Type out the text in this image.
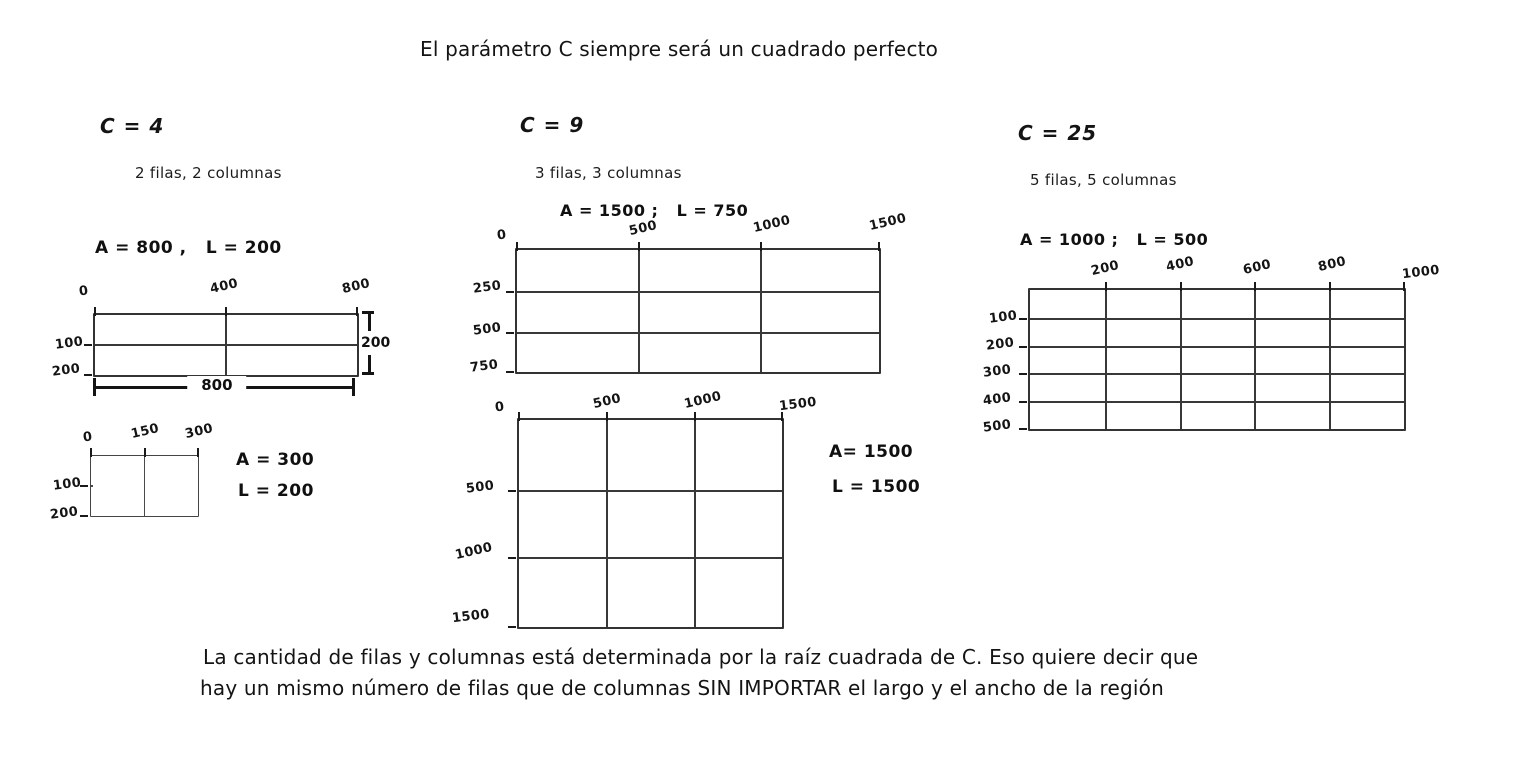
El parámetro C siempre será un cuadrado perfecto
C = 4
2 filas, 2 columnas
A = 800 ,   L = 200
0	400	800
100
200
800
200
0	150 300
100
200
A = 300
L = 200
C = 9
3 filas, 3 columnas
A = 1500 ;   L = 750
0	500	1000	1500
250
500
750
0	500	1000	1500
500
1000
1500
A= 1500
L = 1500
C = 25
5 filas, 5 columnas
A = 1000 ;   L = 500
200	400	600	800	1000
100
200
300
400
500
La cantidad de filas y columnas está determinada por la raíz cuadrada de C. Eso quiere decir que
hay un mismo número de filas que de columnas SIN IMPORTAR el largo y el ancho de la región
